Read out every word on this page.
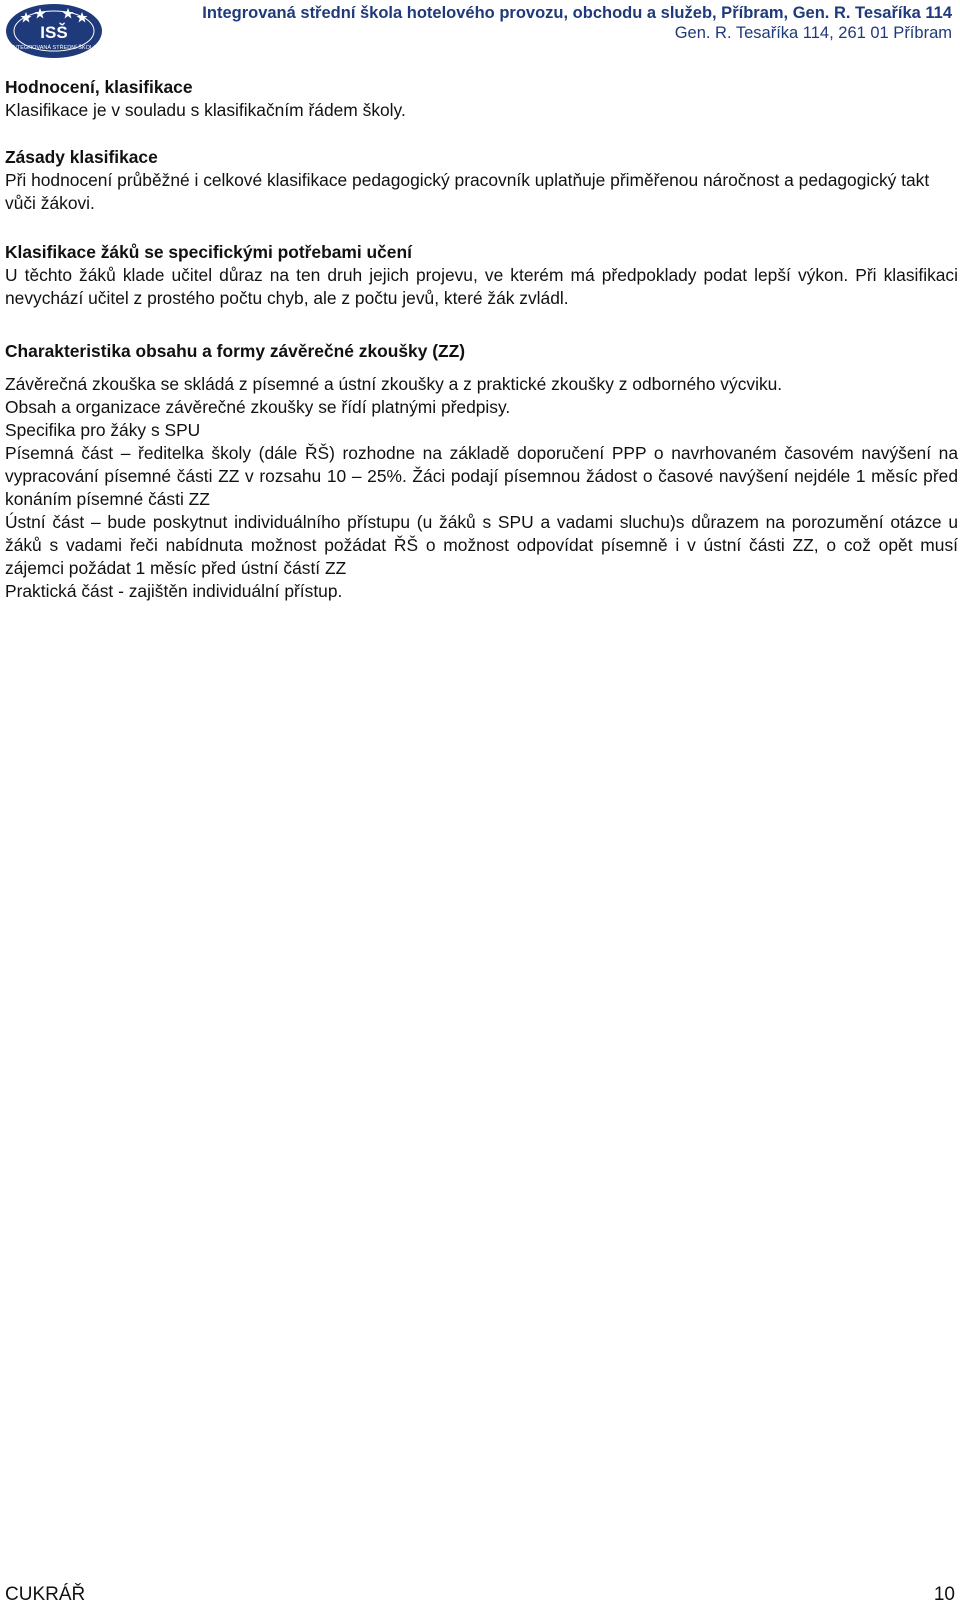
ISŠ
INTEGROVANÁ STŘEDNÍ ŠKOLA
Integrovaná střední škola hotelového provozu, obchodu a služeb, Příbram, Gen. R. Tesaříka 114
Gen. R. Tesaříka 114, 261 01 Příbram

Hodnocení, klasifikace

Klasifikace je v souladu s klasifikačním řádem školy.

Zásady klasifikace

Při hodnocení průběžné i celkové klasifikace pedagogický pracovník uplatňuje přiměřenou náročnost a pedagogický takt vůči žákovi.

Klasifikace žáků se specifickými potřebami učení

U těchto žáků klade učitel důraz na ten druh jejich projevu, ve kterém má předpoklady podat lepší výkon. Při klasifikaci nevychází učitel z prostého počtu chyb, ale z počtu jevů, které žák zvládl.

Charakteristika obsahu a formy závěrečné zkoušky (ZZ)

Závěrečná zkouška se skládá z písemné a ústní zkoušky a z praktické zkoušky z odborného výcviku.

Obsah a organizace závěrečné zkoušky se řídí platnými předpisy.

Specifika pro žáky s SPU

Písemná část – ředitelka školy (dále ŘŠ) rozhodne na základě doporučení PPP o navrhovaném časovém navýšení na vypracování písemné části ZZ v rozsahu 10 – 25%. Žáci podají písemnou žádost o časové navýšení nejdéle 1 měsíc před konáním písemné části ZZ

Ústní část – bude poskytnut individuálního přístupu (u žáků s SPU a vadami sluchu)s důrazem na porozumění otázce u žáků s vadami řeči nabídnuta možnost požádat ŘŠ o možnost odpovídat písemně i v ústní části ZZ, o což opět musí zájemci požádat 1 měsíc před ústní částí ZZ

Praktická část - zajištěn individuální přístup.

CUKRÁŘ	10
